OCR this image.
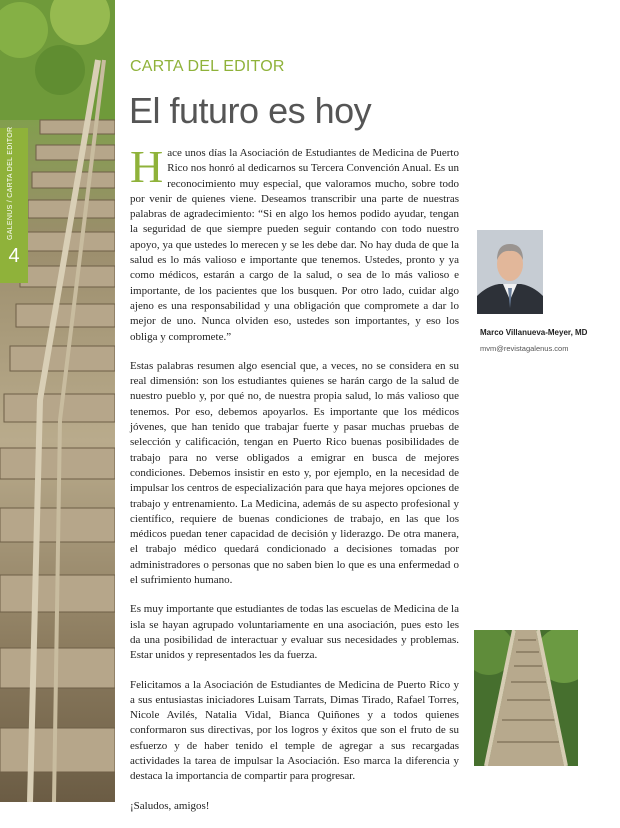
GALENUS / CARTA DEL EDITOR
4
CARTA DEL EDITOR
El futuro es hoy

Hace unos días la Asociación de Estudiantes de Medicina de Puerto Rico nos honró al dedicarnos su Tercera Convención Anual. Es un reconocimiento muy especial, que valoramos mucho, sobre todo por venir de quienes viene. Deseamos transcribir una parte de nuestras palabras de agradecimiento: “Si en algo los hemos podido ayudar, tengan la seguridad de que siempre pueden seguir contando con todo nuestro apoyo, ya que ustedes lo merecen y se les debe dar. No hay duda de que la salud es lo más valioso e importante que tenemos. Ustedes, pronto y ya como médicos, estarán a cargo de la salud, o sea de lo más valioso e importante, de los pacientes que los busquen. Por otro lado, cuidar algo ajeno es una responsabilidad y una obligación que compromete a dar lo mejor de uno. Nunca olviden eso, ustedes son importantes, y eso los obliga y compromete.”

Estas palabras resumen algo esencial que, a veces, no se considera en su real dimensión: son los estudiantes quienes se harán cargo de la salud de nuestro pueblo y, por qué no, de nuestra propia salud, lo más valioso que tenemos. Por eso, debemos apoyarlos. Es importante que los médicos jóvenes, que han tenido que trabajar fuerte y pasar muchas pruebas de selección y calificación, tengan en Puerto Rico buenas posibilidades de trabajo para no verse obligados a emigrar en busca de mejores condiciones. Debemos insistir en esto y, por ejemplo, en la necesidad de impulsar los centros de especialización para que haya mejores opciones de trabajo y entrenamiento. La Medicina, además de su aspecto profesional y científico, requiere de buenas condiciones de trabajo, en las que los médicos puedan tener capacidad de decisión y liderazgo. De otra manera, el trabajo médico quedará condicionado a decisiones tomadas por administradores o personas que no saben bien lo que es una enfermedad o el sufrimiento humano.

Es muy importante que estudiantes de todas las escuelas de Medicina de la isla se hayan agrupado voluntariamente en una asociación, pues esto les da una posibilidad de interactuar y evaluar sus necesidades y problemas. Estar unidos y representados les da fuerza.

Felicitamos a la Asociación de Estudiantes de Medicina de Puerto Rico y a sus entusiastas iniciadores Luisam Tarrats, Dimas Tirado, Rafael Torres, Nicole Avilés, Natalia Vidal, Bianca Quiñones y a todos quienes conformaron sus directivas, por los logros y éxitos que son el fruto de su esfuerzo y de haber tenido el temple de agregar a sus recargadas actividades la tarea de impulsar la Asociación. Eso marca la diferencia y destaca la importancia de compartir para progresar.

¡Saludos, amigos!

Marco Villanueva-Meyer, MD
mvm@revistagalenus.com
